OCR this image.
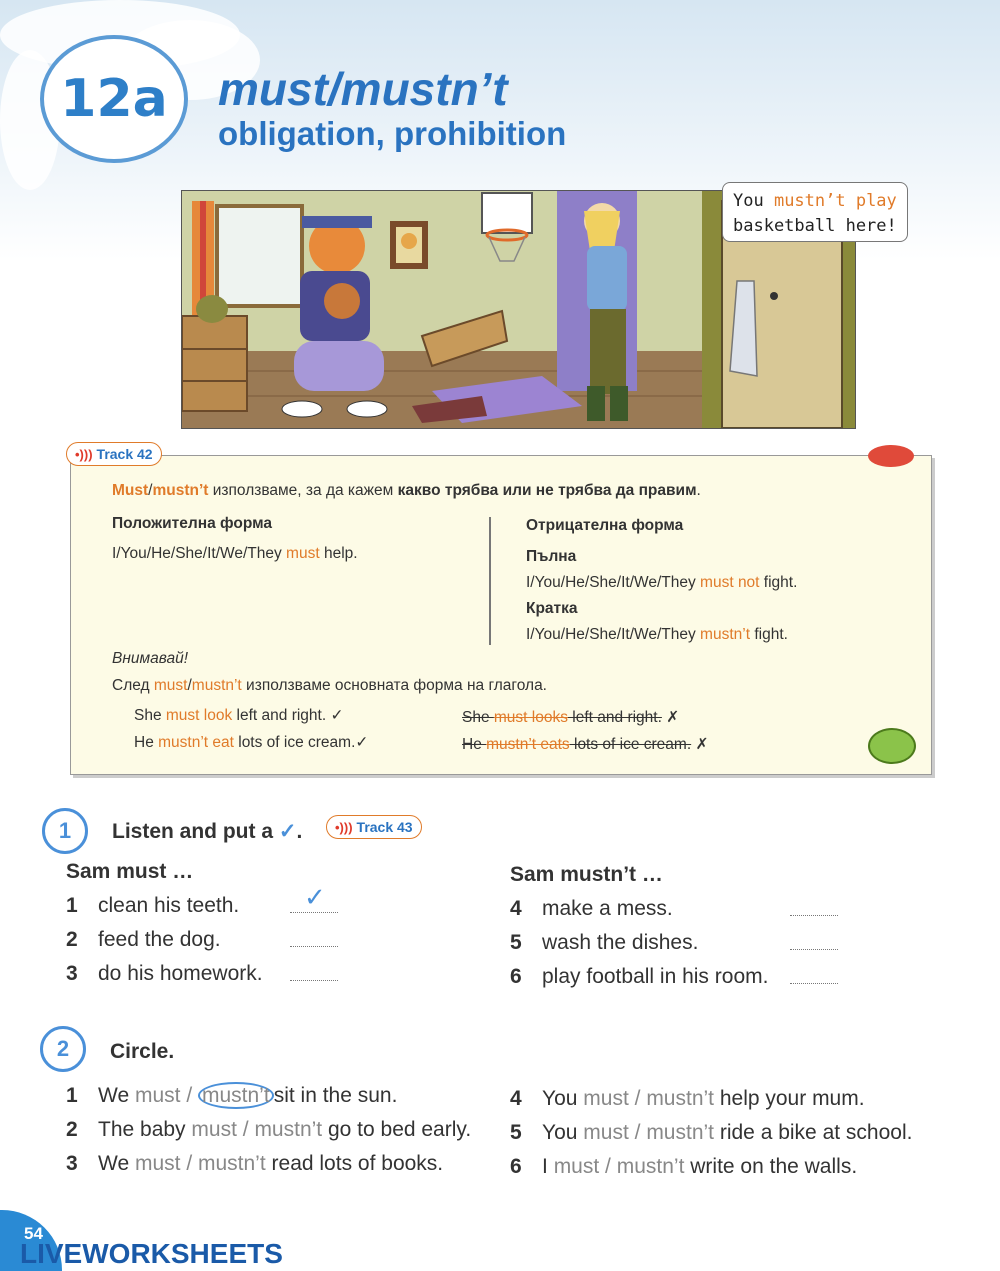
12a must/mustn’t
obligation, prohibition
You mustn’t play
basketball here!
•))) Track 42
Must/mustn’t използваме, за да кажем какво трябва или не трябва да правим.
Положителна форма
I/You/He/She/It/We/They must help.
Отрицателна форма
Пълна
I/You/He/She/It/We/They must not fight.
Кратка
I/You/He/She/It/We/They mustn’t fight.
Внимавай!
След must/mustn’t използваме основната форма на глагола.
She must look left and right. ✓
He mustn’t eat lots of ice cream.✓
She must looks left and right. ✗
He mustn’t eats lots of ice cream. ✗
1	Listen and put a ✓.	•))) Track 43
Sam must …	Sam mustn’t …
1 clean his teeth. ✓
2 feed the dog.
3 do his homework.
4 make a mess.
5 wash the dishes.
6 play football in his room.
2	Circle.
1 We must / mustn’t sit in the sun.
2 The baby must / mustn’t go to bed early.
3 We must / mustn’t read lots of books.
4 You must / mustn’t help your mum.
5 You must / mustn’t ride a bike at school.
6 I must / mustn’t write on the walls.
54
LIVEWORKSHEETS
